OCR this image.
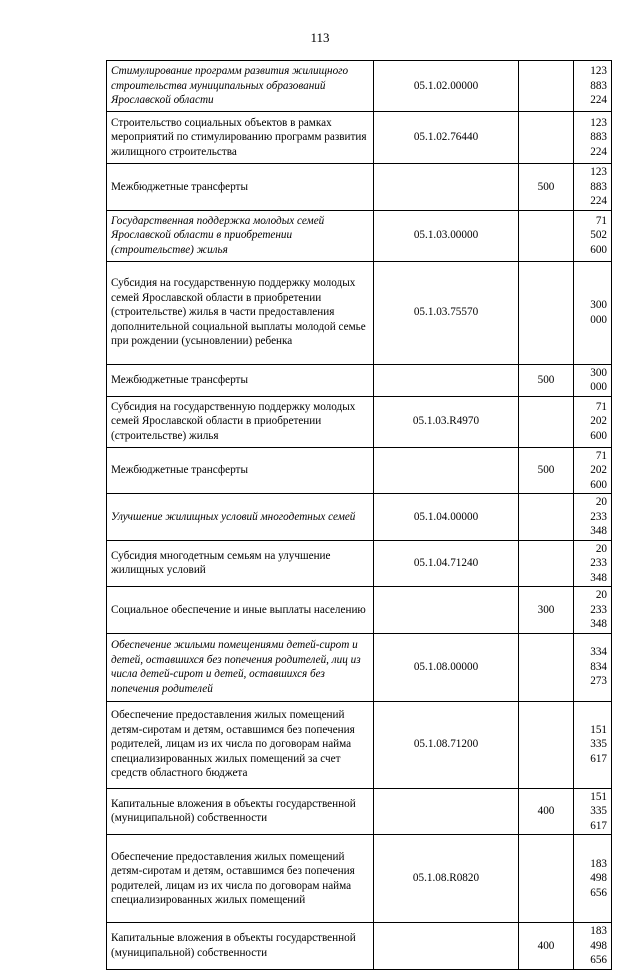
113
Стимулирование программ развития жилищного строительства муниципальных образований Ярославской области	05.1.02.00000		123 883 224
Строительство социальных объектов в рамках мероприятий по стимулированию программ развития жилищного строительства	05.1.02.76440		123 883 224
Межбюджетные трансферты		500	123 883 224
Государственная поддержка молодых семей Ярославской области в приобретении (строительстве) жилья	05.1.03.00000		71 502 600
Субсидия на государственную поддержку молодых семей Ярославской области в приобретении (строительстве) жилья в части предоставления дополнительной социальной выплаты молодой семье при рождении (усыновлении) ребенка	05.1.03.75570		300 000
Межбюджетные трансферты		500	300 000
Субсидия на государственную поддержку молодых семей Ярославской области в приобретении (строительстве) жилья	05.1.03.R4970		71 202 600
Межбюджетные трансферты		500	71 202 600
Улучшение жилищных условий многодетных семей	05.1.04.00000		20 233 348
Субсидия многодетным семьям на улучшение жилищных условий	05.1.04.71240		20 233 348
Социальное обеспечение и иные выплаты населению		300	20 233 348
Обеспечение жилыми помещениями детей-сирот и детей, оставшихся без попечения родителей, лиц из числа детей-сирот и детей, оставшихся без попечения родителей	05.1.08.00000		334 834 273
Обеспечение предоставления жилых помещений детям-сиротам и детям, оставшимся без попечения родителей, лицам из их числа по договорам найма специализированных жилых помещений за счет средств областного бюджета	05.1.08.71200		151 335 617
Капитальные вложения в объекты государственной (муниципальной) собственности		400	151 335 617
Обеспечение предоставления жилых помещений детям-сиротам и детям, оставшимся без попечения родителей, лицам из их числа по договорам найма специализированных жилых помещений	05.1.08.R0820		183 498 656
Капитальные вложения в объекты государственной (муниципальной) собственности		400	183 498 656
